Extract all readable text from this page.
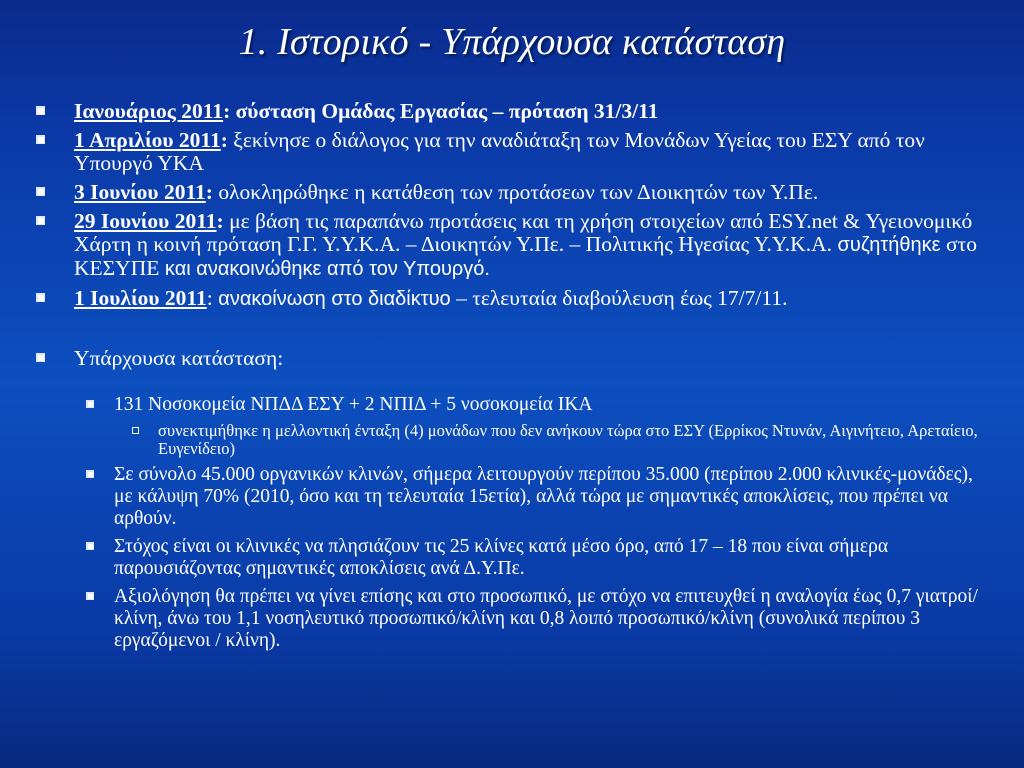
1. Ιστορικό - Υπάρχουσα κατάσταση
Ιανουάριος 2011: σύσταση Ομάδας Εργασίας – πρόταση 31/3/11
1 Απριλίου 2011: ξεκίνησε ο διάλογος για την αναδιάταξη των Μονάδων Υγείας του ΕΣΥ από τον Υπουργό ΥΚΑ
3 Ιουνίου 2011: ολοκληρώθηκε η κατάθεση των προτάσεων των Διοικητών των Υ.Πε.
29 Ιουνίου 2011: με βάση τις παραπάνω προτάσεις και τη χρήση στοιχείων από ESY.net & Υγειονομικό Χάρτη η κοινή πρόταση Γ.Γ. Υ.Υ.Κ.Α. – Διοικητών Υ.Πε. – Πολιτικής Ηγεσίας Υ.Υ.Κ.Α. συζητήθηκε στο ΚΕΣΥΠΕ και ανακοινώθηκε από τον Υπουργό.
1 Ιουλίου 2011: ανακοίνωση στο διαδίκτυο – τελευταία διαβούλευση έως 17/7/11.
Υπάρχουσα κατάσταση:
131 Νοσοκομεία ΝΠΔΔ ΕΣΥ + 2 ΝΠΙΔ + 5 νοσοκομεία ΙΚΑ
συνεκτιμήθηκε η μελλοντική ένταξη (4) μονάδων που δεν ανήκουν τώρα στο ΕΣΥ (Ερρίκος Ντυνάν, Αιγινήτειο, Αρεταίειο, Ευγενίδειο)
Σε σύνολο 45.000 οργανικών κλινών, σήμερα λειτουργούν περίπου 35.000 (περίπου 2.000 κλινικές-μονάδες), με κάλυψη 70% (2010, όσο και τη τελευταία 15ετία), αλλά τώρα με σημαντικές αποκλίσεις, που πρέπει να αρθούν.
Στόχος είναι οι κλινικές να πλησιάζουν τις 25 κλίνες κατά μέσο όρο, από 17 – 18 που είναι σήμερα παρουσιάζοντας σημαντικές αποκλίσεις ανά Δ.Υ.Πε.
Αξιολόγηση θα πρέπει να γίνει επίσης και στο προσωπικό, με στόχο να επιτευχθεί η αναλογία έως 0,7 γιατροί/κλίνη, άνω του 1,1 νοσηλευτικό προσωπικό/κλίνη και 0,8 λοιπό προσωπικό/κλίνη (συνολικά περίπου 3 εργαζόμενοι / κλίνη).
